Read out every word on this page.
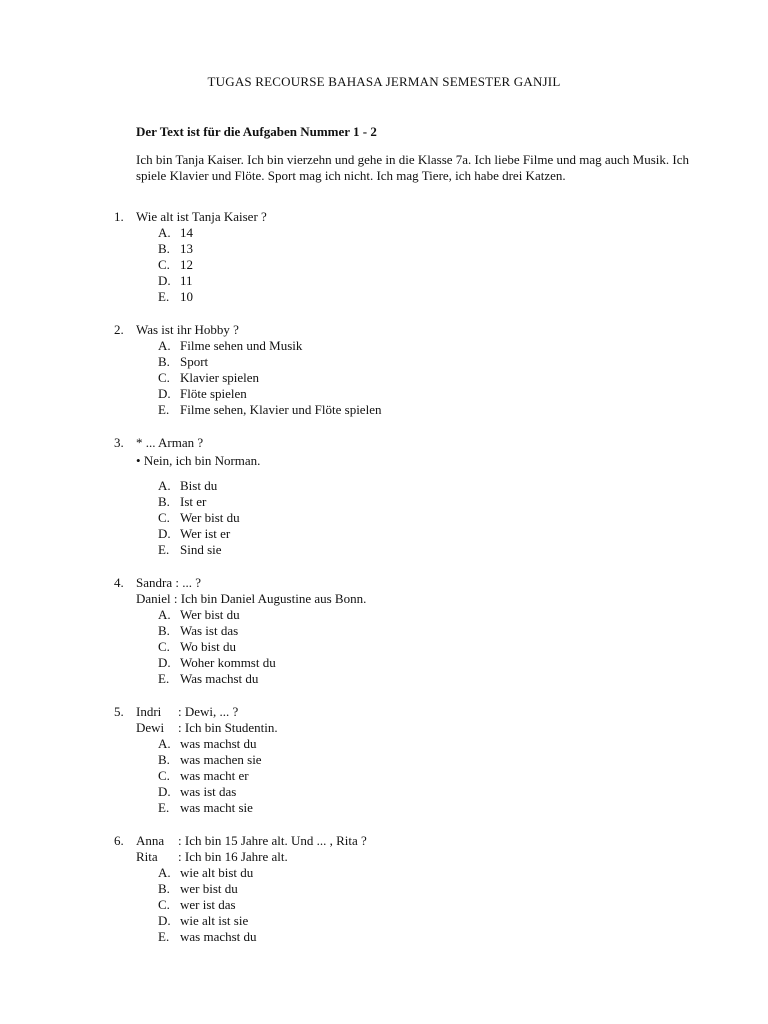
TUGAS RECOURSE BAHASA JERMAN SEMESTER GANJIL
Der Text ist für die Aufgaben Nummer 1 - 2
Ich bin Tanja Kaiser. Ich bin vierzehn und gehe in die Klasse 7a. Ich liebe Filme und mag auch Musik. Ich spiele Klavier und Flöte. Sport mag ich nicht. Ich mag Tiere, ich habe drei Katzen.
1. Wie alt ist Tanja Kaiser ?
A. 14
B. 13
C. 12
D. 11
E. 10
2. Was ist ihr Hobby ?
A. Filme sehen und Musik
B. Sport
C. Klavier spielen
D. Flöte spielen
E. Filme sehen, Klavier und Flöte spielen
3. * ... Arman ?
• Nein, ich bin Norman.
A. Bist du
B. Ist er
C. Wer bist du
D. Wer ist er
E. Sind sie
4. Sandra : ... ?
Daniel : Ich bin Daniel Augustine aus Bonn.
A. Wer bist du
B. Was ist das
C. Wo bist du
D. Woher kommst du
E. Was machst du
5. Indri : Dewi, ... ?
Dewi : Ich bin Studentin.
A. was machst du
B. was machen sie
C. was macht er
D. was ist das
E. was macht sie
6. Anna : Ich bin 15 Jahre alt. Und ... , Rita ?
Rita : Ich bin 16 Jahre alt.
A. wie alt bist du
B. wer bist du
C. wer ist das
D. wie alt ist sie
E. was machst du
